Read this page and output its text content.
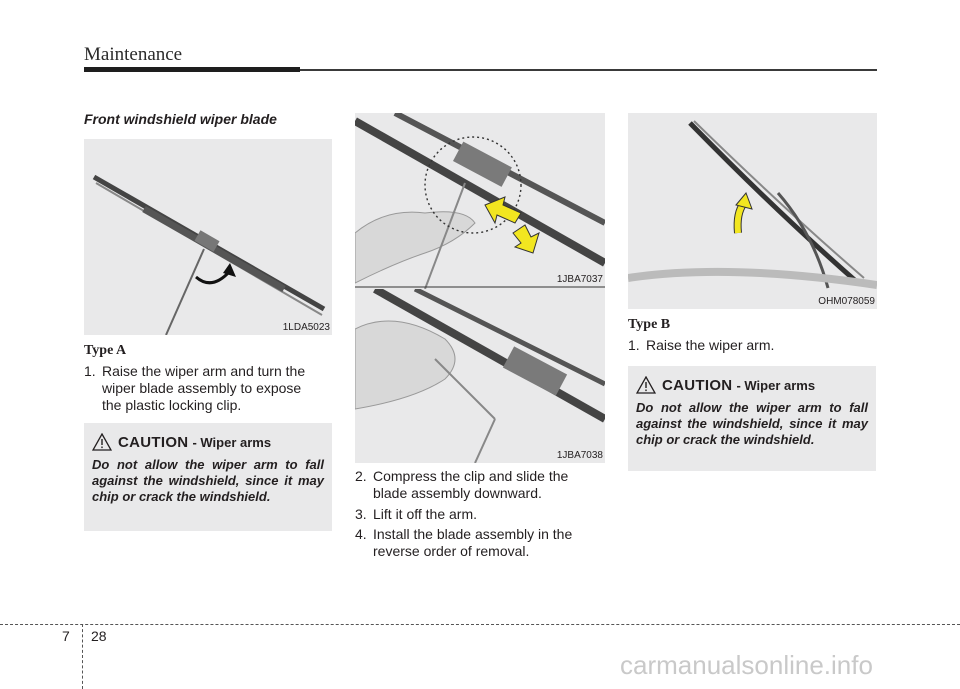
Maintenance
Front windshield wiper blade
1LDA5023
Type A
1. Raise the wiper arm and turn the
wiper blade assembly to expose
the plastic locking clip.
CAUTION - Wiper arms
Do not allow the wiper arm to fall against the windshield, since it may chip or crack the windshield.
1JBA7037
1JBA7038
2. Compress the clip and slide the
blade assembly downward.
3. Lift it off the arm.
4. Install the blade assembly in the
reverse order of removal.
OHM078059
Type B
1. Raise the wiper arm.
CAUTION - Wiper arms
Do not allow the wiper arm to fall against the windshield, since it may chip or crack the windshield.
7 28
carmanualsonline.info
